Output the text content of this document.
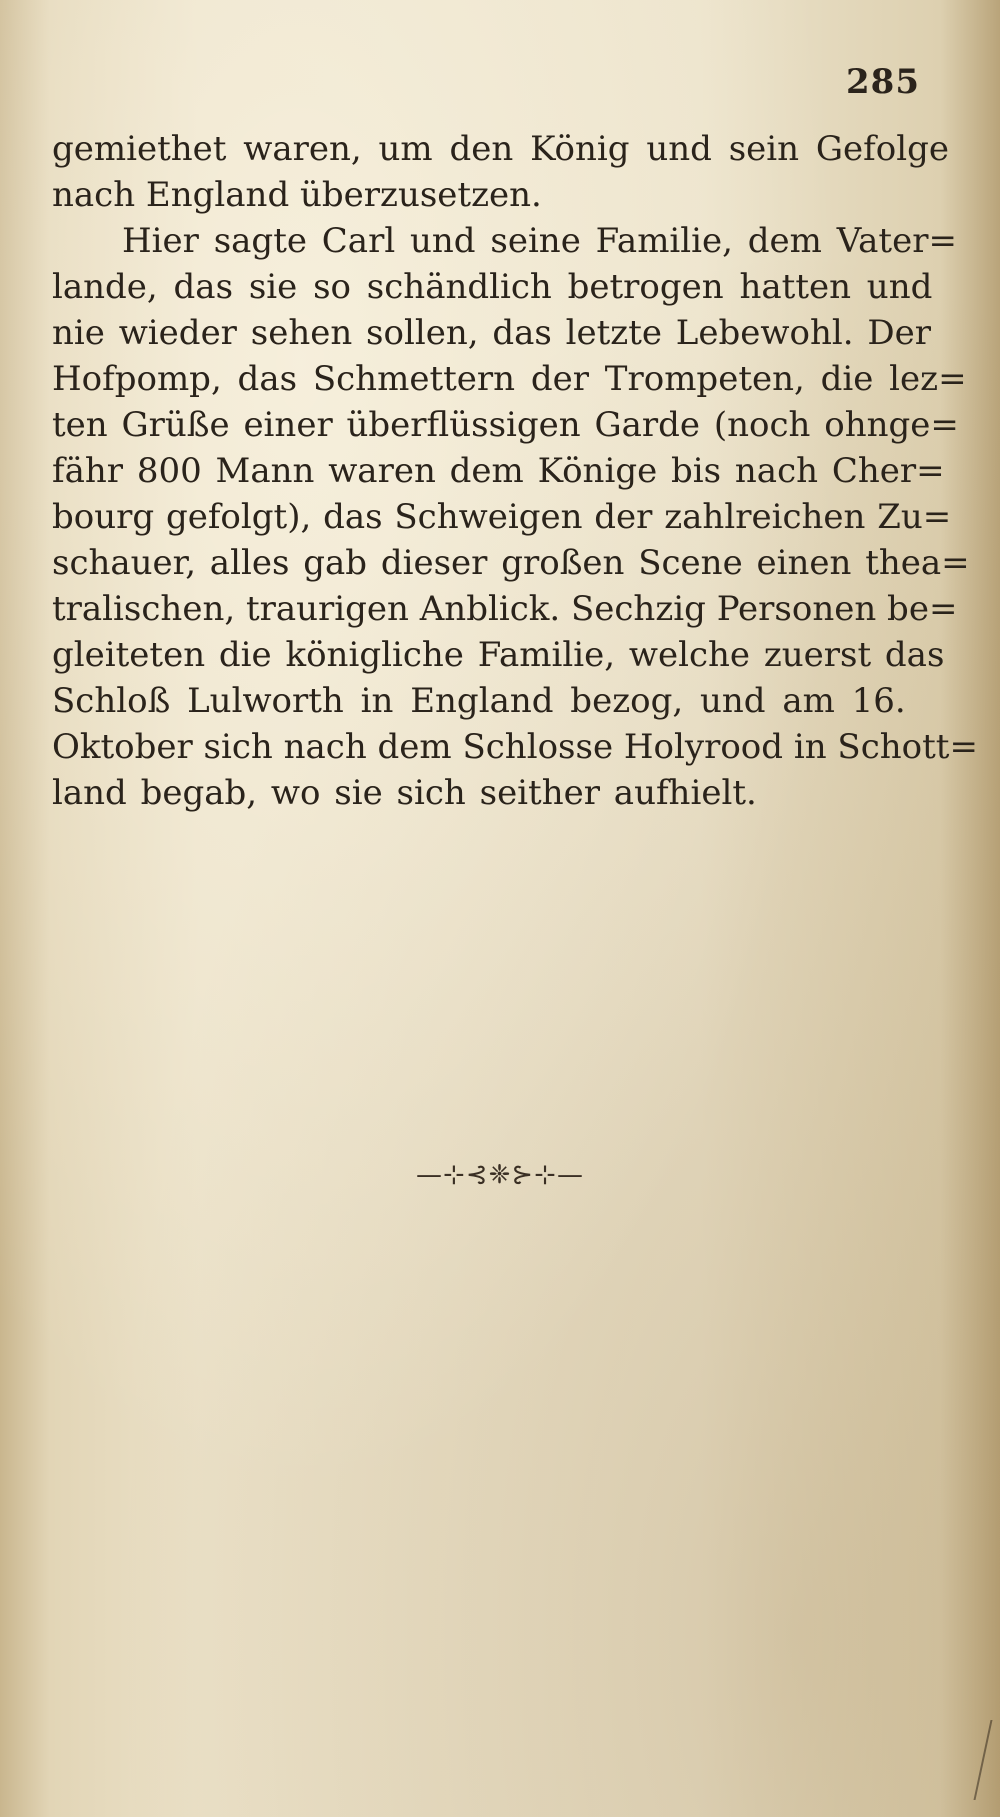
285
gemiethet waren, um den König und sein Gefolge
nach England überzusetzen.
Hier sagte Carl und seine Familie, dem Vater=
lande, das sie so schändlich betrogen hatten und
nie wieder sehen sollen, das letzte Lebewohl. Der
Hofpomp, das Schmettern der Trompeten, die lez=
ten Grüße einer überflüssigen Garde (noch ohnge=
fähr 800 Mann waren dem Könige bis nach Cher=
bourg gefolgt), das Schweigen der zahlreichen Zu=
schauer, alles gab dieser großen Scene einen thea=
tralischen, traurigen Anblick. Sechzig Personen be=
gleiteten die königliche Familie, welche zuerst das
Schloß Lulworth in England bezog, und am 16.
Oktober sich nach dem Schlosse Holyrood in Schott=
land begab, wo sie sich seither aufhielt.
—⊹⊰❈⊱⊹—
